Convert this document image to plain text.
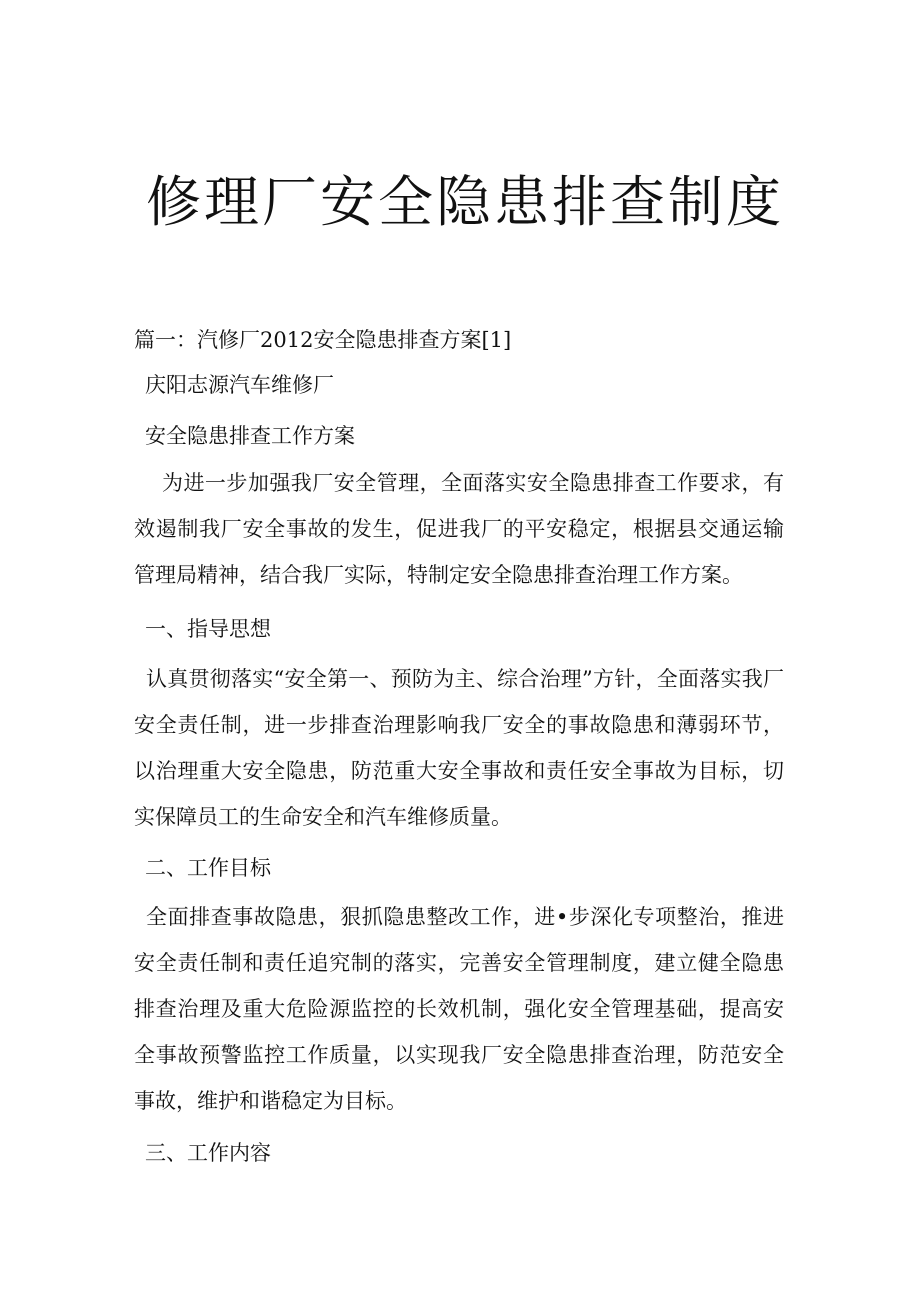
修理厂安全隐患排查制度
篇一：汽修厂2012安全隐患排查方案[1]
庆阳志源汽车维修厂
安全隐患排查工作方案
为进一步加强我厂安全管理，全面落实安全隐患排查工作要求，有效遏制我厂安全事故的发生，促进我厂的平安稳定，根据县交通运输管理局精神，结合我厂实际，特制定安全隐患排查治理工作方案。
一、指导思想
认真贯彻落实“安全第一、预防为主、综合治理”方针，全面落实我厂安全责任制，进一步排查治理影响我厂安全的事故隐患和薄弱环节，以治理重大安全隐患，防范重大安全事故和责任安全事故为目标，切实保障员工的生命安全和汽车维修质量。
二、工作目标
全面排查事故隐患，狠抓隐患整改工作，进•步深化专项整治，推进安全责任制和责任追究制的落实，完善安全管理制度，建立健全隐患排查治理及重大危险源监控的长效机制，强化安全管理基础，提高安全事故预警监控工作质量，以实现我厂安全隐患排查治理，防范安全事故，维护和谐稳定为目标。
三、工作内容
